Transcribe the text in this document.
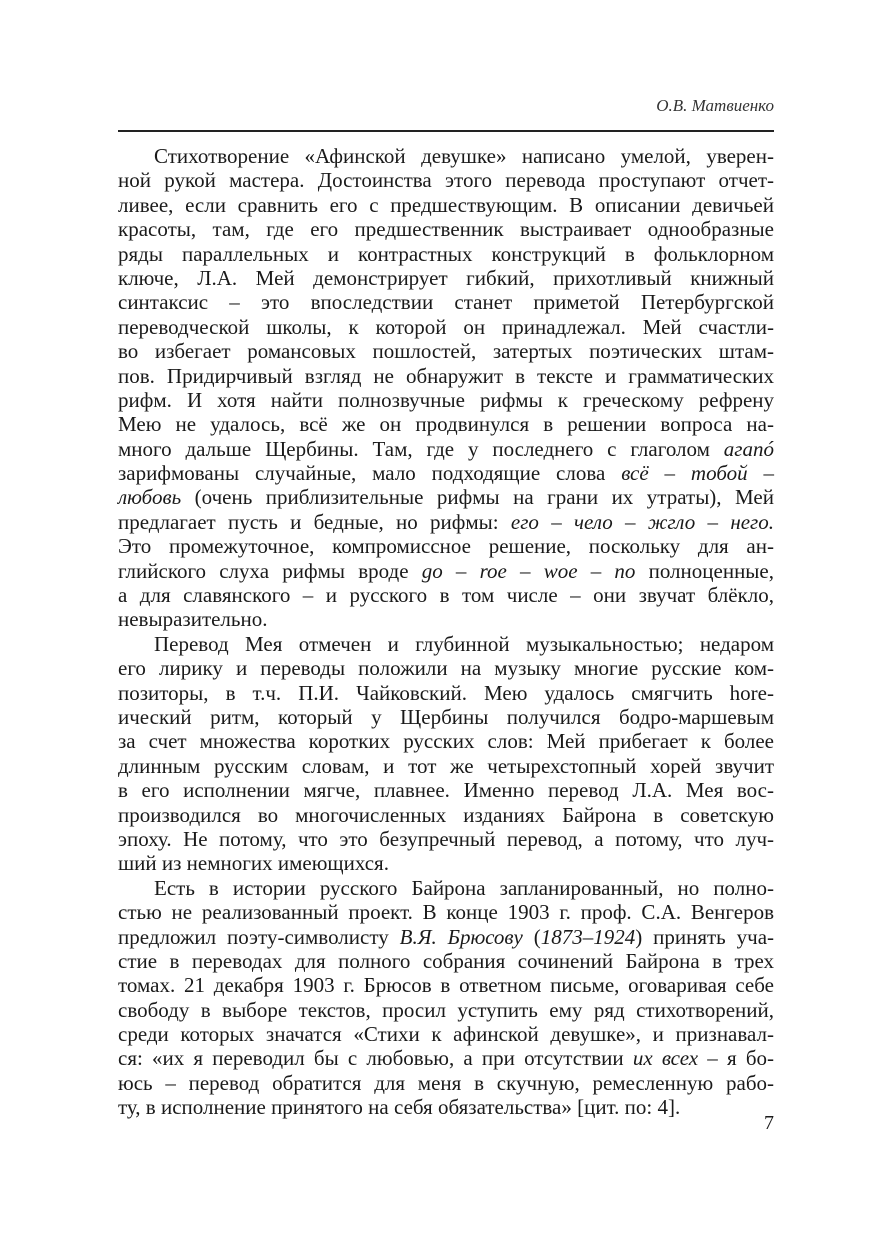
О.В. Матвиенко
Стихотворение «Афинской девушке» написано умелой, уверен-
ной рукой мастера. Достоинства этого перевода проступают отчет-
ливее, если сравнить его с предшествующим. В описании девичьей
красоты, там, где его предшественник выстраивает однообразные
ряды параллельных и контрастных конструкций в фольклорном
ключе, Л.А. Мей демонстрирует гибкий, прихотливый книжный
синтаксис – это впоследствии станет приметой Петербургской
переводческой школы, к которой он принадлежал. Мей счастли-
во избегает романсовых пошлостей, затертых поэтических штам-
пов. Придирчивый взгляд не обнаружит в тексте и грамматических
рифм. И хотя найти полнозвучные рифмы к греческому рефрену
Мею не удалось, всё же он продвинулся в решении вопроса на-
много дальше Щербины. Там, где у последнего с глаголом агапó
зарифмованы случайные, мало подходящие слова всё – тобой –
любовь (очень приблизительные рифмы на грани их утраты), Мей
предлагает пусть и бедные, но рифмы: его – чело – жгло – него.
Это промежуточное, компромиссное решение, поскольку для ан-
глийского слуха рифмы вроде go – roe – woe – no полноценные,
а для славянского – и русского в том числе – они звучат блёкло,
невыразительно.
Перевод Мея отмечен и глубинной музыкальностью; недаром
его лирику и переводы положили на музыку многие русские ком-
позиторы, в т.ч. П.И. Чайковский. Мею удалось смягчить horе-
ический ритм, который у Щербины получился бодро-маршевым
за счет множества коротких русских слов: Мей прибегает к более
длинным русским словам, и тот же четырехстопный хорей звучит
в его исполнении мягче, плавнее. Именно перевод Л.А. Мея вос-
производился во многочисленных изданиях Байрона в советскую
эпоху. Не потому, что это безупречный перевод, а потому, что луч-
ший из немногих имеющихся.
Есть в истории русского Байрона запланированный, но полно-
стью не реализованный проект. В конце 1903 г. проф. С.А. Венгеров
предложил поэту-символисту В.Я. Брюсову (1873–1924) принять уча-
стие в переводах для полного собрания сочинений Байрона в трех
томах. 21 декабря 1903 г. Брюсов в ответном письме, оговаривая себе
свободу в выборе текстов, просил уступить ему ряд стихотворений,
среди которых значатся «Стихи к афинской девушке», и признавал-
ся: «их я переводил бы с любовью, а при отсутствии их всех – я бо-
юсь – перевод обратится для меня в скучную, ремесленную рабо-
ту, в исполнение принятого на себя обязательства» [цит. по: 4].
7
